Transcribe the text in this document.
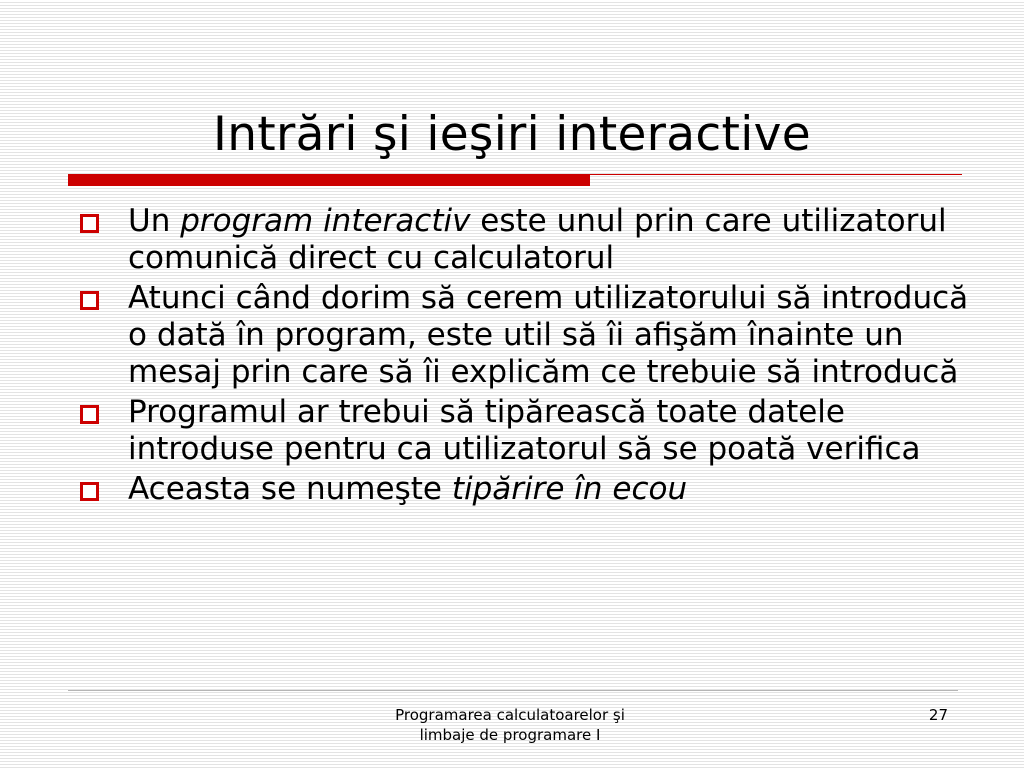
Intrări şi ieşiri interactive
Un program interactiv este unul prin care utilizatorul comunică direct cu calculatorul
Atunci când dorim să cerem utilizatorului să introducă o dată în program, este util să îi afişăm înainte un mesaj prin care să îi explicăm ce trebuie să introducă
Programul ar trebui să tipărească toate datele introduse pentru ca utilizatorul să se poată verifica
Aceasta se numeşte tipărire în ecou
Programarea calculatoarelor şi
limbaje de programare I
27
